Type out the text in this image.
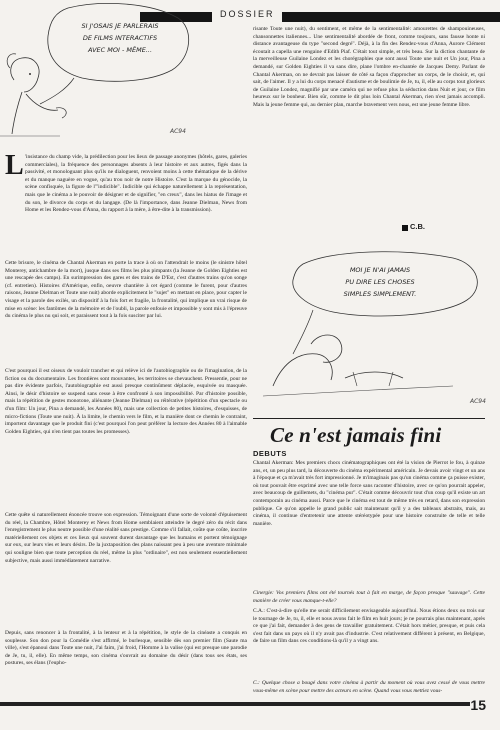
DOSSIER
SI J'OSAIS JE PARLERAIS
DE FILMS INTERACTIFS
AVEC MOI - MÊME...
AC94
L 'insistance du champ vide, la prédilection pour les lieux de passage anonymes (hôtels, gares, galeries commerciales), la fréquence des personnages absents à leur histoire et aux autres, figés dans la passivité, et monologuant plus qu'ils ne dialoguent, renvoient moins à cette thématique de la dérive et du manque naguère en vogue, qu'au trou noir de notre Histoire. C'est la marque du génocide, la scène confisquée, la figure de l'"indicible". Indicible qui échappe naturellement à la représentation, mais que le cinéma a le pouvoir de désigner et de signifier, "en creux", dans les hiatus de l'image et du son, le divorce du corps et du langage. (De là l'importance, dans Jeanne Dielman, News from Home et les Rendez-vous d'Anna, du rapport à la mère, à être-dite à la transmission).
Cette brisure, le cinéma de Chantal Akerman en porte la trace à où on l'attendrait le moins (le sinistre hôtel Monterey, antichambre de la mort), jusque dans ses films les plus pimpants (la Jeanne de Golden Eighties est une rescapée des camps). En surimpression des gares et des trains de D'Est, c'est d'autres trains qu'on songe (cf. entretien). Histoires d'Amérique, enfin, oeuvre chantière à cet égard (comme le furent, pour d'autres raisons, Jeanne Dielman et Toute une nuit) aborde explicitement le "sujet" en mettant en place, pour capter le visage et la parole des exilés, un dispositif à la fois fort et fragile, la frontalité, qui implique un vrai risque de mise en scène: les fantômes de la mémoire et de l'oubli, la parole enfouie et impossible y sont mis à l'épreuve du cinéma le plus nu qui soit, et paraissent tout à la fois susciter par lui.
C'est pourquoi il est oiseux de vouloir trancher et qui relève ici de l'autobiographie ou de l'imagination, de la fiction ou du documentaire. Les frontières sont mouvantes, les territoires se chevauchent. Pressentie, pour ne pas dire évidente parfois, l'autobiographie est aussi presque continûment déplacée, esquivée ou masquée. Ainsi, le désir d'histoire se suspend sans cesse à être confronté à son impossibilité. Par d'histoire possible, mais la répétition de gestes monotone, aliénante (Jeanne Dielman) ou réitérative (répétition d'un spectacle ou d'un film: Un jour, Pina a demandé, les Années 80), mais une collection de petites histoires, d'esquisses, de micro-fictions (Toute une nuit). À la limite, le chemin vers le film, et la manière dont ce chemin le contraint, importent davantage que le produit fini (c'est pourquoi l'on peut préférer la lecture des Années 80 à l'aimable Golden Eighties, qui n'en tient pas toutes les promesses).
Cette quête si naturellement énoncée trouve son expression. Témoignant d'une sorte de volonté d'épuisement du réel, la Chambre, Hôtel Monterey et News from Home semblaient atteindre le degré zéro du récit dans l'enregistrement le plus neutre possible d'une réalité sans prestige. Comme s'il fallait, coûte que coûte, inscrire matériellement ces objets et ces lieux qui souvent durent davantage que les humains et portent témoignage sur eux, sur leurs vies et leurs désirs. De la juxtaposition des plans naissant peu à peu une aventure minimale qui souligne bien que toute perception du réel, même la plus "ordinaire", est non seulement essentiellement subjective, mais aussi immédiatement narrative.
Depuis, sans renoncer à la frontalité, à la lenteur et à la répétition, le style de la cinéaste a conquis en souplesse. Son don pour la Comédie s'est affirmé, le burlesque, sensible dès son premier film (Saute ma ville), s'est épanoui dans Toute une nuit, J'ai faim, j'ai froid, l'Homme à la valise (qui est presque une parodie de Je, tu, il, elle). En même temps, son cinéma s'ouvrait au domaine du désir (dans tous ses états, ses postures, ses élans (l'eupho-
risante Toute une nuit), du sentiment, et même de la sentimentalité: amourettes de shampouineuses, chansonnettes italiennes... Une sentimentalité abordée de front, comme toujours, sans fausse honte ni distance avantageuse du type "second degré". Déjà, à la fin des Rendez-vous d'Anna, Aurore Clément écoutait a capella une rengaine d'Edith Piaf. C'était tout simple, et très beau. Sur la diction chantante de la merveilleuse Guilaine Londez et les chorégraphies que sont aussi Toute une nuit et Un jour, Pina a demandé, sur Golden Eighties il va sans dire, plane l'ombre en-chantée de Jacques Demy. Parlant de Chantal Akerman, on ne devrait pas laisser de côté sa façon d'approcher un corps, de le choisir, et, qui sait, de l'aimer. Il y a lui du corps menacé d'autisme et de boulimie de Je, tu, il, elle au corps tout glorieux de Guilaine Londez, magnifié par une caméra qui ne refuse plus la séduction dans Nuit et jour, ce film heureux sur le bonheur. Bien sûr, comme le dit plus loin Chantal Akerman, rien n'est jamais accompli. Mais la jeune femme qui, au dernier plan, marche bravement vers nous, est une jeune femme libre.
C.B.
MOI JE N'AI JAMAIS
PU DIRE LES CHOSES
SIMPLES SIMPLEMENT.
AC94
Ce n'est jamais fini
DEBUTS
Chantal Akerman: Mes premiers chocs cinématographiques ont été la vision de Pierrot le fou, à quinze ans, et, un peu plus tard, la découverte du cinéma expérimental américain. Je devais avoir vingt et un ans à l'époque et ça m'avait très fort impressionné. Je m'imaginais pas qu'un cinéma comme ça puisse exister, où tout pouvait être exprimé avec une telle force sans raconter d'histoire, avec ce qu'on pourrait appeler, avec beaucoup de guillemets, du "cinéma pur". C'était comme découvrir tout d'un coup qu'il existe un art contemporain au cinéma aussi. Parce que le cinéma est tout de même très en retard, dans son expression publique. Ce qu'on appelle le grand public sait maintenant qu'il y a des tableaux abstraits, mais, au cinéma, il continue d'entretenir une attente stéréotypée pour une histoire construite de telle et telle manière.
Cinergie: Vos premiers films ont été tournés tout à fait en marge, de façon presque "sauvage". Cette manière de créer vous manque-t-elle?
C.A.: C'est-à-dire qu'elle me serait difficilement envisageable aujourd'hui. Nous étions deux ou trois sur le tournage de Je, tu, il, elle et nous avons fait le film en huit jours; je ne pourrais plus maintenant, après ce que j'ai fait, demander à des gens de travailler gratuitement. C'était hors métier, presque, et puis cela s'est fait dans un pays où il n'y avait pas d'industrie. C'est relativement différent à présent, en Belgique, de faire un film dans ces conditions-là qu'il y a vingt ans.
C.: Quelque chose a bougé dans votre cinéma à partir du moment où vous avez cessé de vous mettre vous-même en scène pour mettre des acteurs en scène. Quand vous vous mettiez vous-
15
